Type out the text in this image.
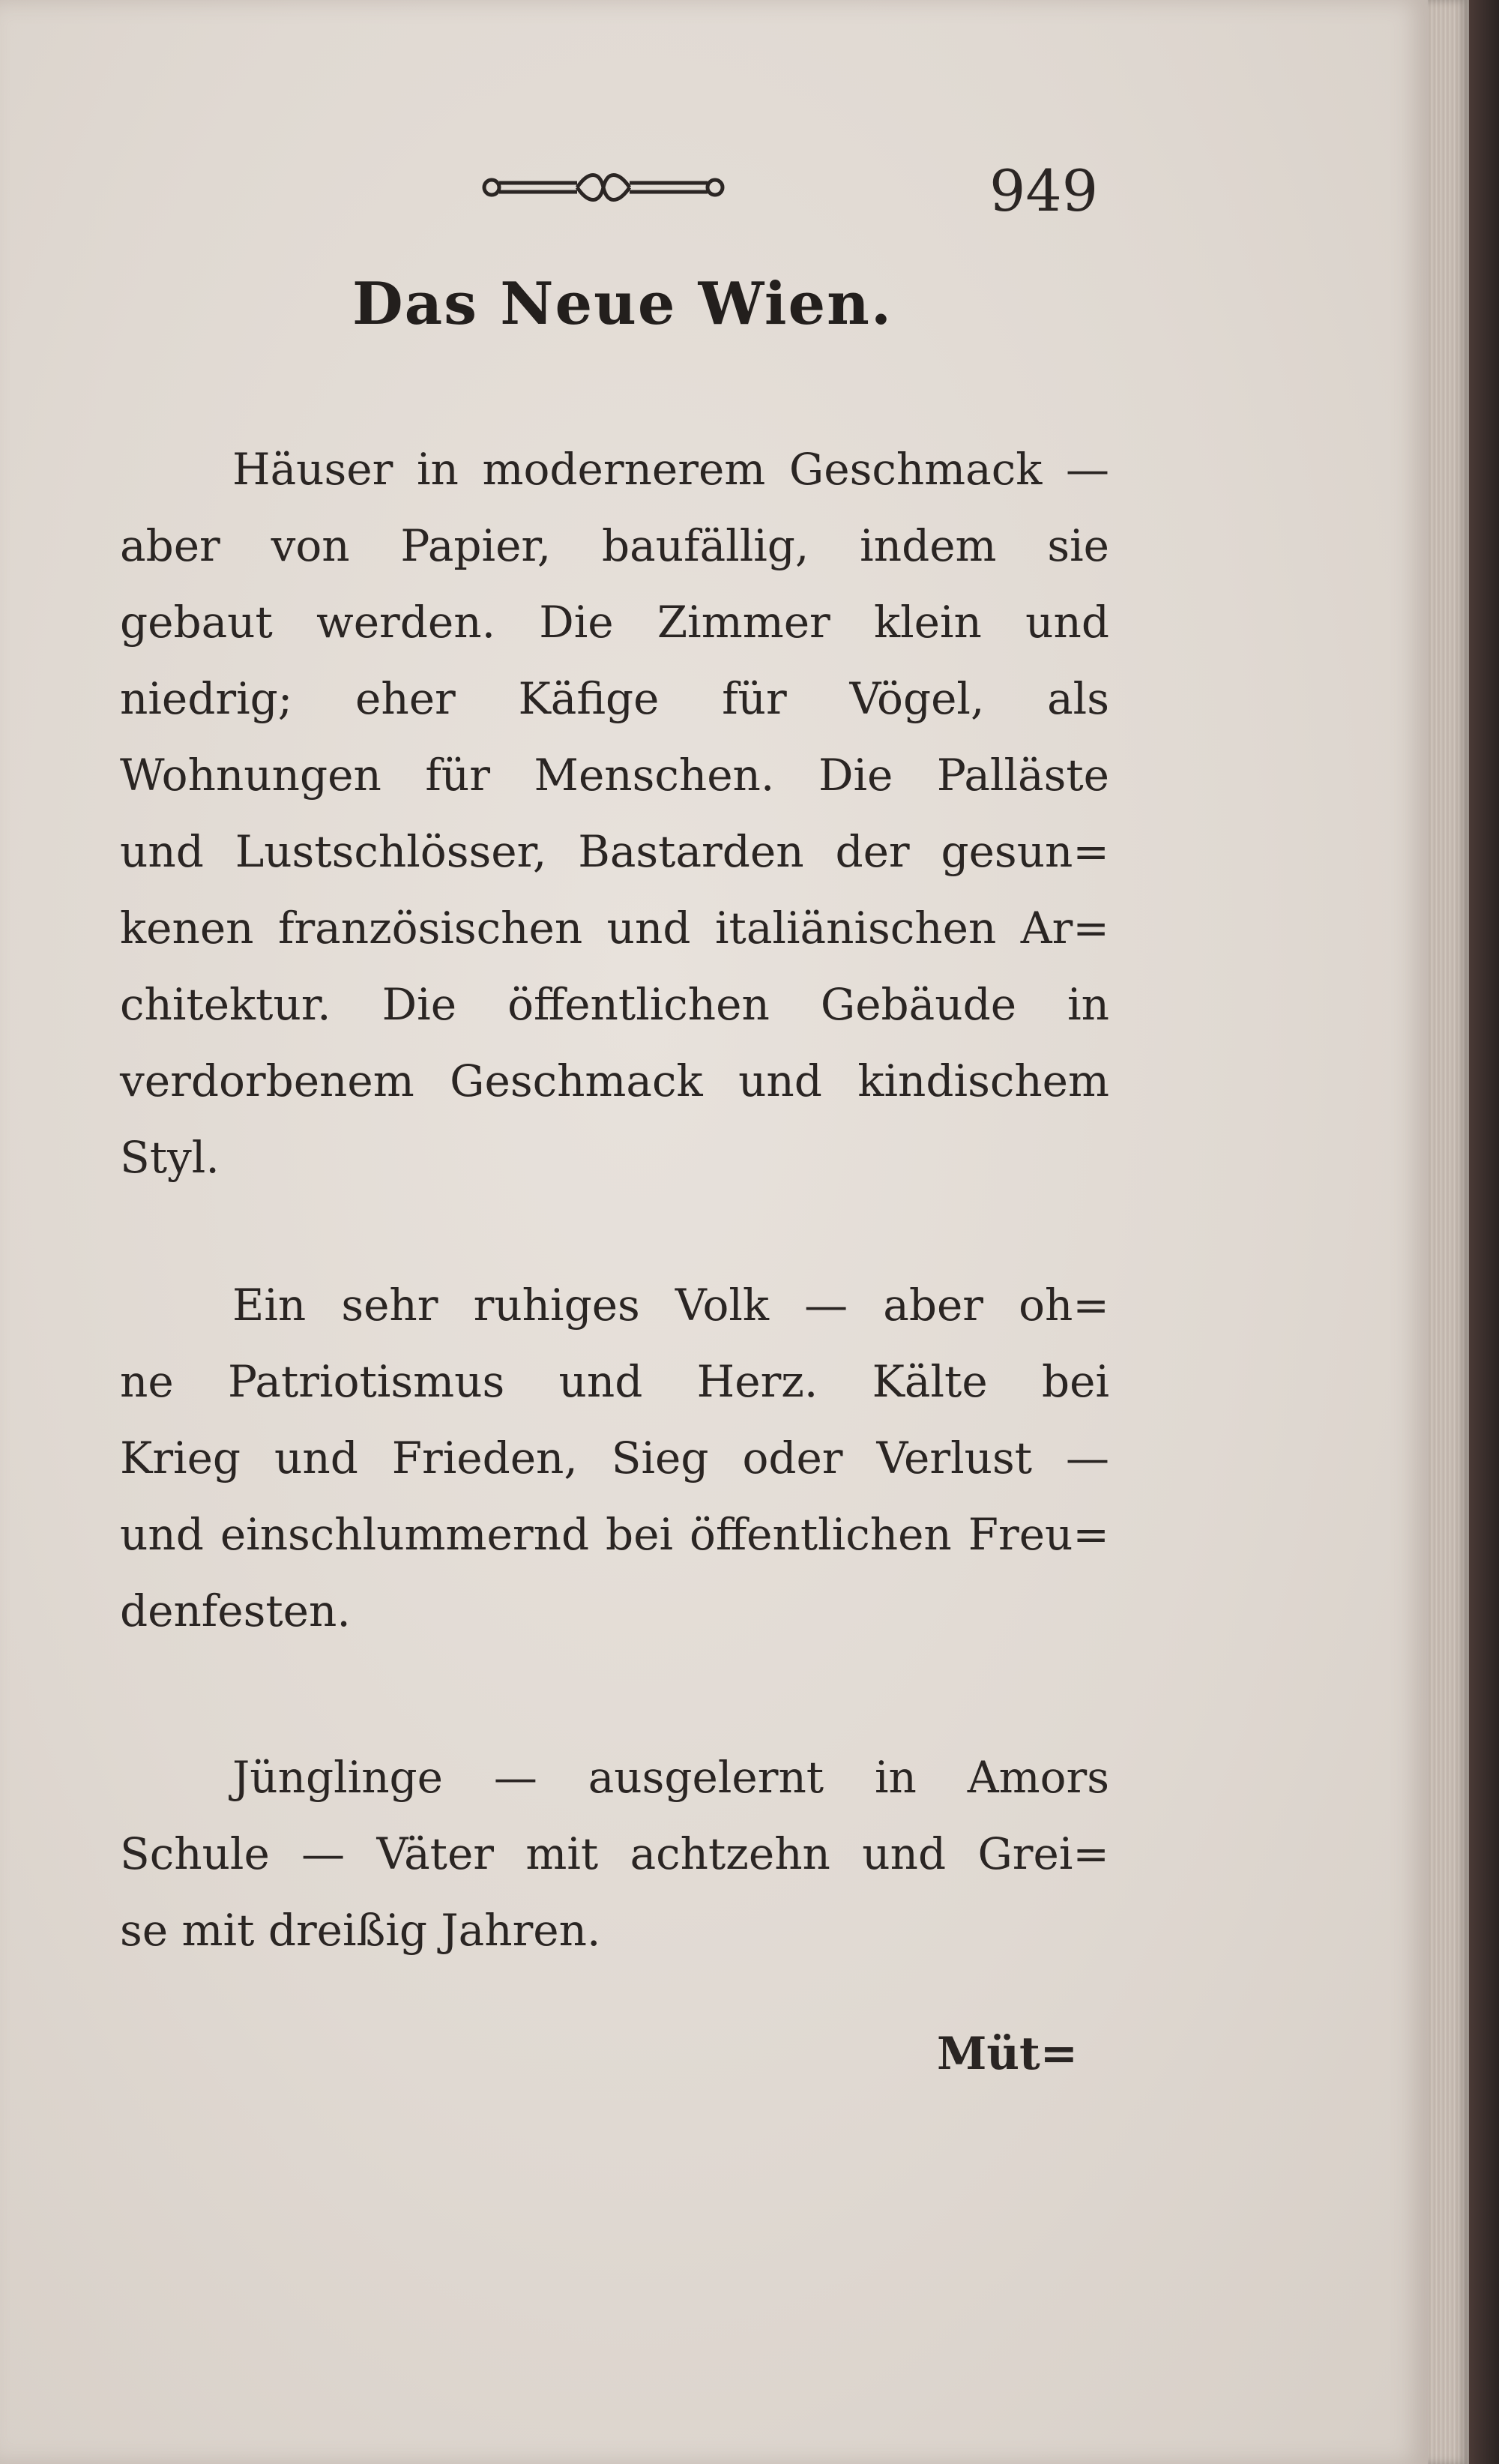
949
Das Neue Wien.
Häuser in modernerem Geschmack —
aber von Papier, baufällig, indem sie
gebaut werden. Die Zimmer klein und
niedrig; eher Käfige für Vögel, als
Wohnungen für Menschen. Die Palläste
und Lustschlösser, Bastarden der gesun=
kenen französischen und italiänischen Ar=
chitektur. Die öffentlichen Gebäude in
verdorbenem Geschmack und kindischem
Styl.
Ein sehr ruhiges Volk — aber oh=
ne Patriotismus und Herz. Kälte bei
Krieg und Frieden, Sieg oder Verlust —
und einschlummernd bei öffentlichen Freu=
denfesten.
Jünglinge — ausgelernt in Amors
Schule — Väter mit achtzehn und Grei=
se mit dreißig Jahren.
Müt=
